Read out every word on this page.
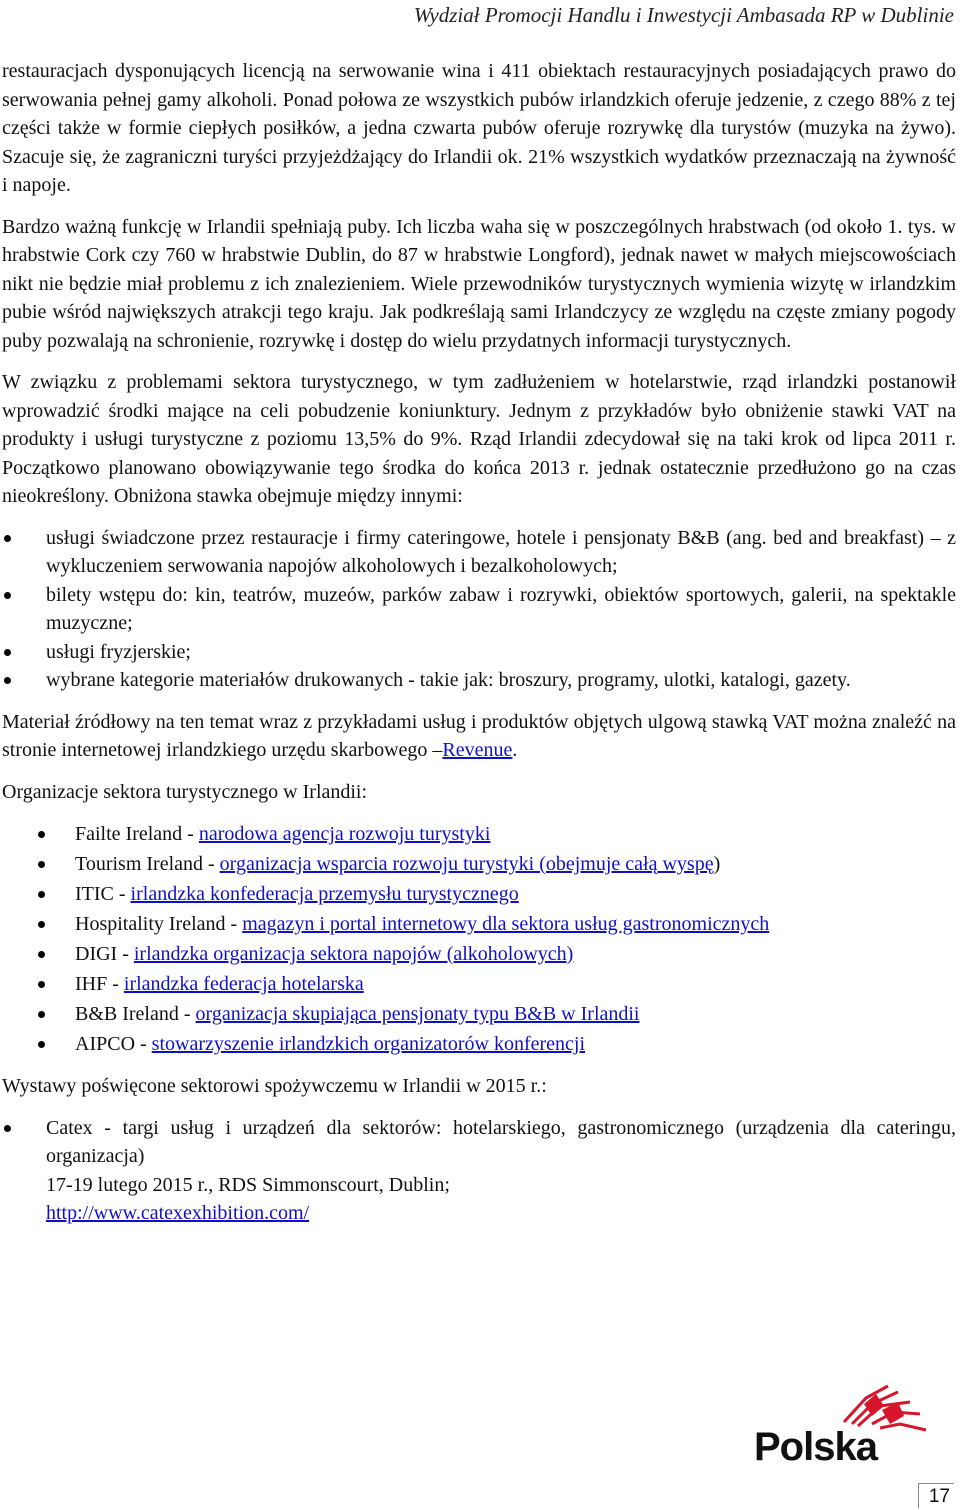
Wydział Promocji Handlu i Inwestycji Ambasada RP w Dublinie

restauracjach dysponujących licencją na serwowanie wina i 411 obiektach restauracyjnych posiadających prawo do serwowania pełnej gamy alkoholi. Ponad połowa ze wszystkich pubów irlandzkich oferuje jedzenie, z czego 88% z tej części także w formie ciepłych posiłków, a jedna czwarta pubów oferuje rozrywkę dla turystów (muzyka na żywo). Szacuje się, że zagraniczni turyści przyjeżdżający do Irlandii ok. 21% wszystkich wydatków przeznaczają na żywność i napoje.

Bardzo ważną funkcję w Irlandii spełniają puby. Ich liczba waha się w poszczególnych hrabstwach (od około 1. tys. w hrabstwie Cork czy 760 w hrabstwie Dublin, do 87 w hrabstwie Longford), jednak nawet w małych miejscowościach nikt nie będzie miał problemu z ich znalezieniem. Wiele przewodników turystycznych wymienia wizytę w irlandzkim pubie wśród największych atrakcji tego kraju. Jak podkreślają sami Irlandczycy ze względu na częste zmiany pogody puby pozwalają na schronienie, rozrywkę i dostęp do wielu przydatnych informacji turystycznych.

W związku z problemami sektora turystycznego, w tym zadłużeniem w hotelarstwie, rząd irlandzki postanowił wprowadzić środki mające na celi pobudzenie koniunktury. Jednym z przykładów było obniżenie stawki VAT na produkty i usługi turystyczne z poziomu 13,5% do 9%. Rząd Irlandii zdecydował się na taki krok od lipca 2011 r. Początkowo planowano obowiązywanie tego środka do końca 2013 r. jednak ostatecznie przedłużono go na czas nieokreślony. Obniżona stawka obejmuje między innymi:

usługi świadczone przez restauracje i firmy cateringowe, hotele i pensjonaty B&B (ang. bed and breakfast) – z wykluczeniem serwowania napojów alkoholowych i bezalkoholowych;
bilety wstępu do: kin, teatrów, muzeów, parków zabaw i rozrywki, obiektów sportowych, galerii, na spektakle muzyczne;
usługi fryzjerskie;
wybrane kategorie materiałów drukowanych - takie jak: broszury, programy, ulotki, katalogi, gazety.

Materiał źródłowy na ten temat wraz z przykładami usług i produktów objętych ulgową stawką VAT można znaleźć na stronie internetowej irlandzkiego urzędu skarbowego –Revenue.

Organizacje sektora turystycznego w Irlandii:

Failte Ireland - narodowa agencja rozwoju turystyki
Tourism Ireland - organizacja wsparcia rozwoju turystyki (obejmuje całą wyspę)
ITIC - irlandzka konfederacja przemysłu turystycznego
Hospitality Ireland - magazyn i portal internetowy dla sektora usług gastronomicznych
DIGI - irlandzka organizacja sektora napojów (alkoholowych)
IHF - irlandzka federacja hotelarska
B&B Ireland - organizacja skupiająca pensjonaty typu B&B w Irlandii
AIPCO - stowarzyszenie irlandzkich organizatorów konferencji

Wystawy poświęcone sektorowi spożywczemu w Irlandii w 2015 r.:

Catex - targi usług i urządzeń dla sektorów: hotelarskiego, gastronomicznego (urządzenia dla cateringu, organizacja)
17-19 lutego 2015 r., RDS Simmonscourt, Dublin;
http://www.catexexhibition.com/
Polska
17
